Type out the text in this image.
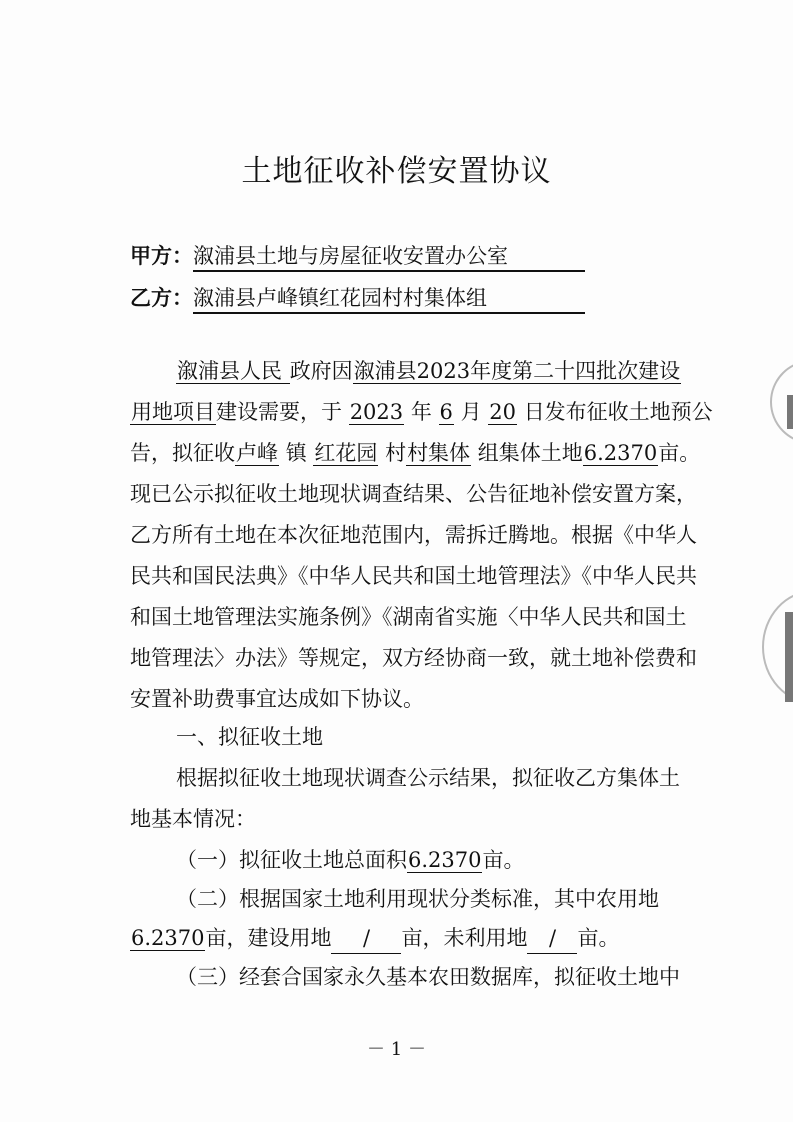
土地征收补偿安置协议
甲方：溆浦县土地与房屋征收安置办公室
乙方：溆浦县卢峰镇红花园村村集体组
溆浦县人民 政府因溆浦县2023年度第二十四批次建设
用地项目建设需要，于 2023 年 6 月 20 日发布征收土地预公
告，拟征收卢峰 镇 红花园 村村集体 组集体土地6.2370亩。
现已公示拟征收土地现状调查结果、公告征地补偿安置方案，
乙方所有土地在本次征地范围内，需拆迁腾地。根据《中华人
民共和国民法典》《中华人民共和国土地管理法》《中华人民共
和国土地管理法实施条例》《湖南省实施〈中华人民共和国土
地管理法〉办法》等规定，双方经协商一致，就土地补偿费和
安置补助费事宜达成如下协议。
一、拟征收土地
根据拟征收土地现状调查公示结果，拟征收乙方集体土
地基本情况：
（一）拟征收土地总面积6.2370亩。
（二）根据国家土地利用现状分类标准，其中农用地
6.2370亩，建设用地 / 亩，未利用地 / 亩。
（三）经套合国家永久基本农田数据库，拟征收土地中
－ 1 －
